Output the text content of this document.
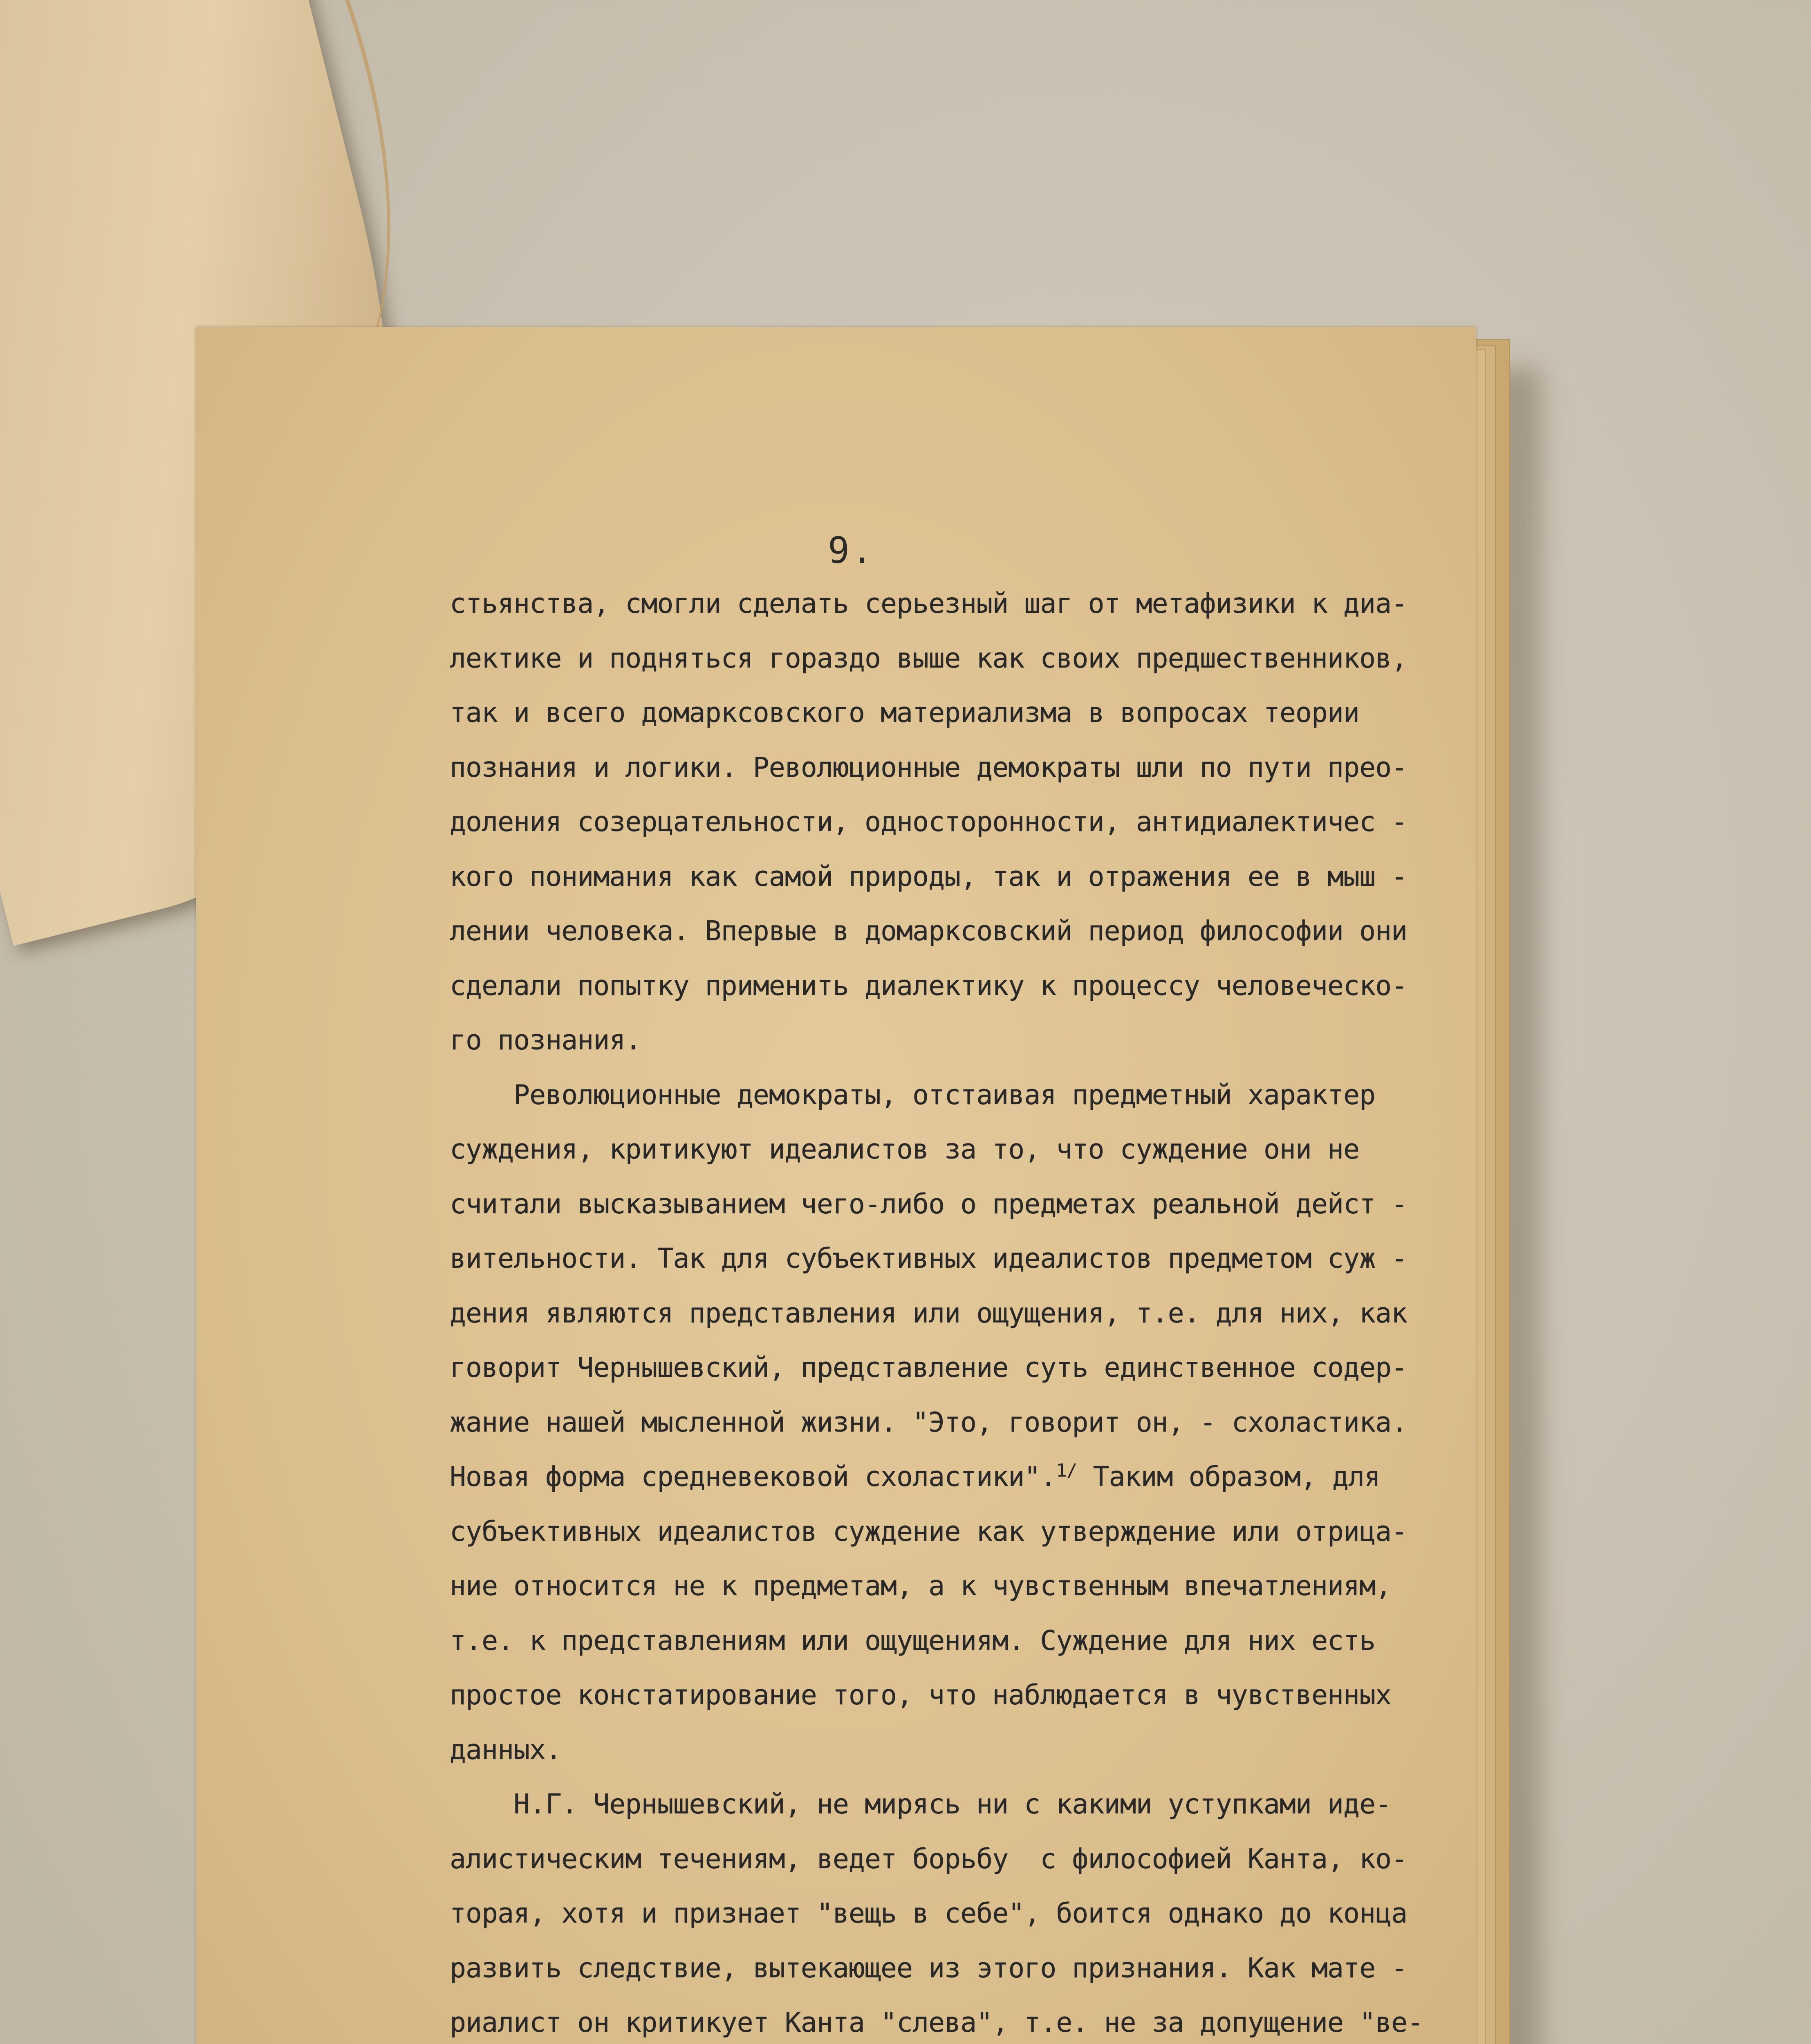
9.
стьянства, смогли сделать серьезный шаг от метафизики к диа-
лектике и подняться гораздо выше как своих предшественников,
так и всего домарксовского материализма в вопросах теории
познания и логики. Революционные демократы шли по пути прео-
доления созерцательности, односторонности, антидиалектичес -
кого понимания как самой природы, так и отражения ее в мыш -
лении человека. Впервые в домарксовский период философии они
сделали попытку применить диалектику к процессу человеческо-
го познания.
Революционные демократы, отстаивая предметный характер
суждения, критикуют идеалистов за то, что суждение они не
считали высказыванием чего-либо о предметах реальной дейст -
вительности. Так для субъективных идеалистов предметом суж -
дения являются представления или ощущения, т.е. для них, как
говорит Чернышевский, представление суть единственное содер-
жание нашей мысленной жизни. "Это, говорит он, - схоластика.
Новая форма средневековой схоластики".$^{1/}$ Таким образом, для
субъективных идеалистов суждение как утверждение или отрица-
ние относится не к предметам, а к чувственным впечатлениям,
т.е. к представлениям или ощущениям. Суждение для них есть
простое констатирование того, что наблюдается в чувственных
данных.
Н.Г. Чернышевский, не мирясь ни с какими уступками иде-
алистическим течениям, ведет борьбу  с философией Канта, ко-
торая, хотя и признает "вещь в себе", боится однако до конца
развить следствие, вытекающее из этого признания. Как мате -
риалист он критикует Канта "слева", т.е. не за допущение "ве-
